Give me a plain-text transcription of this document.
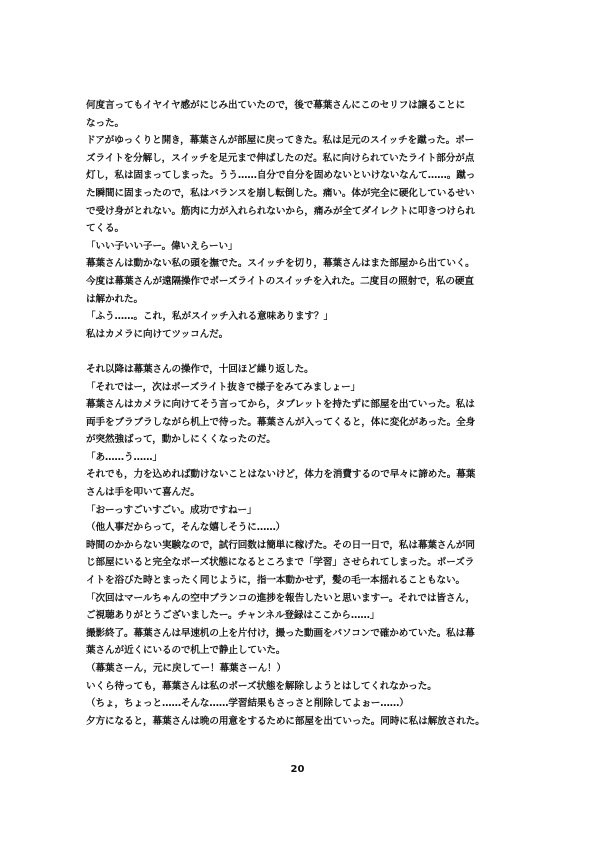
何度言ってもイヤイヤ感がにじみ出ていたので，後で幕葉さんにこのセリフは譲ることに
なった。
ドアがゆっくりと開き，幕葉さんが部屋に戻ってきた。私は足元のスイッチを蹴った。ポー
ズライトを分解し，スイッチを足元まで伸ばしたのだ。私に向けられていたライト部分が点
灯し，私は固まってしまった。うう……自分で自分を固めないといけないなんて……。蹴っ
た瞬間に固まったので，私はバランスを崩し転倒した。痛い。体が完全に硬化しているせい
で受け身がとれない。筋肉に力が入れられないから，痛みが全てダイレクトに叩きつけられ
てくる。
「いい子いい子ー。偉いえらーい」
幕葉さんは動かない私の頭を撫でた。スイッチを切り，幕葉さんはまた部屋から出ていく。
今度は幕葉さんが遠隔操作でポーズライトのスイッチを入れた。二度目の照射で，私の硬直
は解かれた。
「ふう……。これ，私がスイッチ入れる意味あります？」
私はカメラに向けてツッコんだ。
それ以降は幕葉さんの操作で，十回ほど繰り返した。
「それではー，次はポーズライト抜きで様子をみてみましょー」
幕葉さんはカメラに向けてそう言ってから，タブレットを持たずに部屋を出ていった。私は
両手をブラブラしながら机上で待った。幕葉さんが入ってくると，体に変化があった。全身
が突然強ばって，動かしにくくなったのだ。
「あ……う……」
それでも，力を込めれば動けないことはないけど，体力を消費するので早々に諦めた。幕葉
さんは手を叩いて喜んだ。
「おーっすごいすごい。成功ですねー」
（他人事だからって，そんな嬉しそうに……）
時間のかからない実験なので，試行回数は簡単に稼げた。その日一日で，私は幕葉さんが同
じ部屋にいると完全なポーズ状態になるところまで「学習」させられてしまった。ポーズラ
イトを浴びた時とまったく同じように，指一本動かせず，髪の毛一本揺れることもない。
「次回はマールちゃんの空中ブランコの進捗を報告したいと思いますー。それでは皆さん，
ご視聴ありがとうございましたー。チャンネル登録はここから……」
撮影終了。幕葉さんは早速机の上を片付け，撮った動画をパソコンで確かめていた。私は幕
葉さんが近くにいるので机上で静止していた。
（幕葉さーん，元に戻してー！幕葉さーん！）
いくら待っても，幕葉さんは私のポーズ状態を解除しようとはしてくれなかった。
（ちょ，ちょっと……そんな……学習結果もさっさと削除してよぉー……）
夕方になると，幕葉さんは晩の用意をするために部屋を出ていった。同時に私は解放された。
20
